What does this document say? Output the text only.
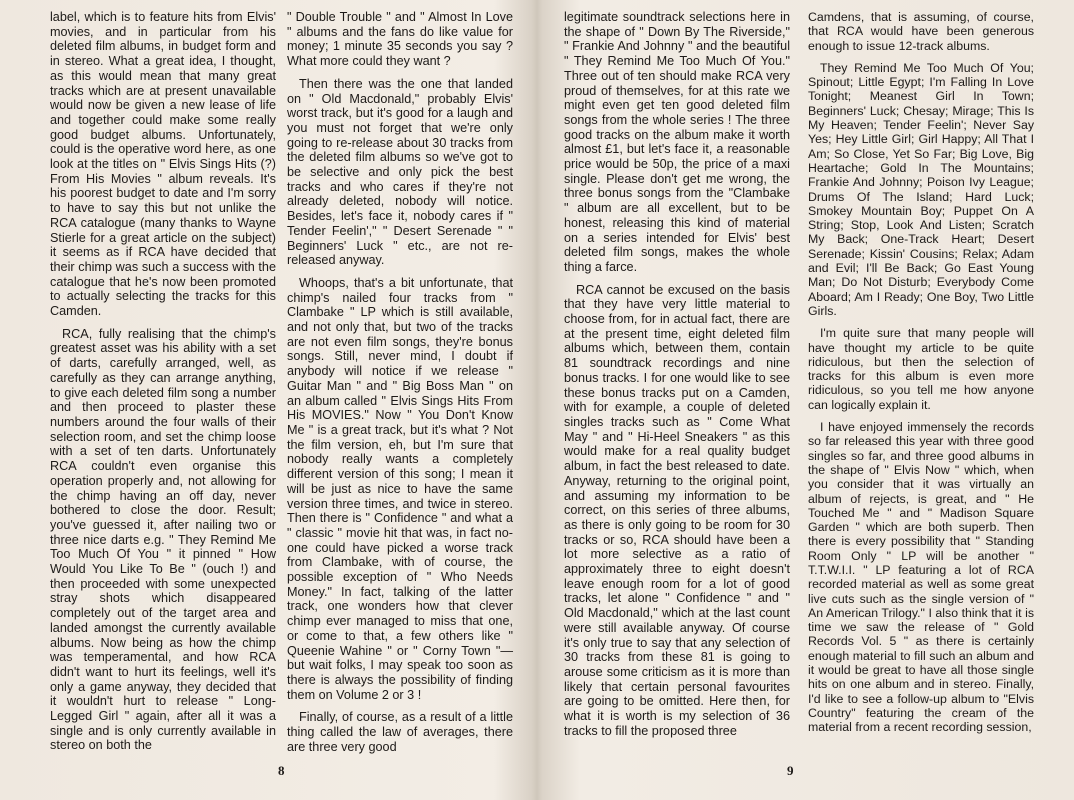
label, which is to feature hits from Elvis' movies, and in particular from his deleted film albums, in budget form and in stereo. What a great idea, I thought, as this would mean that many great tracks which are at present unavailable would now be given a new lease of life and together could make some really good budget albums. Unfortunately, could is the operative word here, as one look at the titles on " Elvis Sings Hits (?) From His Movies " album reveals. It's his poorest budget to date and I'm sorry to have to say this but not unlike the RCA catalogue (many thanks to Wayne Stierle for a great article on the subject) it seems as if RCA have decided that their chimp was such a success with the catalogue that he's now been promoted to actually selecting the tracks for this Camden.

RCA, fully realising that the chimp's greatest asset was his ability with a set of darts, carefully arranged, well, as carefully as they can arrange anything, to give each deleted film song a number and then proceed to plaster these numbers around the four walls of their selection room, and set the chimp loose with a set of ten darts. Unfortunately RCA couldn't even organise this operation properly and, not allowing for the chimp having an off day, never bothered to close the door. Result; you've guessed it, after nailing two or three nice darts e.g. " They Remind Me Too Much Of You " it pinned " How Would You Like To Be " (ouch !) and then proceeded with some unexpected stray shots which disappeared completely out of the target area and landed amongst the currently available albums. Now being as how the chimp was temperamental, and how RCA didn't want to hurt its feelings, well it's only a game anyway, they decided that it wouldn't hurt to release " Long-Legged Girl " again, after all it was a single and is only currently available in stereo on both the

" Double Trouble " and " Almost In Love " albums and the fans do like value for money; 1 minute 35 seconds you say ? What more could they want ?

Then there was the one that landed on " Old Macdonald," probably Elvis' worst track, but it's good for a laugh and you must not forget that we're only going to re-release about 30 tracks from the deleted film albums so we've got to be selective and only pick the best tracks and who cares if they're not already deleted, nobody will notice. Besides, let's face it, nobody cares if " Tender Feelin'," " Desert Serenade " " Beginners' Luck " etc., are not re-released anyway.

Whoops, that's a bit unfortunate, that chimp's nailed four tracks from " Clambake " LP which is still available, and not only that, but two of the tracks are not even film songs, they're bonus songs. Still, never mind, I doubt if anybody will notice if we release " Guitar Man " and " Big Boss Man " on an album called " Elvis Sings Hits From His MOVIES." Now " You Don't Know Me " is a great track, but it's what ? Not the film version, eh, but I'm sure that nobody really wants a completely different version of this song; I mean it will be just as nice to have the same version three times, and twice in stereo. Then there is " Confidence " and what a " classic " movie hit that was, in fact no-one could have picked a worse track from Clambake, with of course, the possible exception of " Who Needs Money." In fact, talking of the latter track, one wonders how that clever chimp ever managed to miss that one, or come to that, a few others like " Queenie Wahine " or " Corny Town "—but wait folks, I may speak too soon as there is always the possibility of finding them on Volume 2 or 3 !

Finally, of course, as a result of a little thing called the law of averages, there are three very good

8

legitimate soundtrack selections here in the shape of " Down By The Riverside," " Frankie And Johnny " and the beautiful " They Remind Me Too Much Of You." Three out of ten should make RCA very proud of themselves, for at this rate we might even get ten good deleted film songs from the whole series ! The three good tracks on the album make it worth almost £1, but let's face it, a reasonable price would be 50p, the price of a maxi single. Please don't get me wrong, the three bonus songs from the "Clambake " album are all excellent, but to be honest, releasing this kind of material on a series intended for Elvis' best deleted film songs, makes the whole thing a farce.

RCA cannot be excused on the basis that they have very little material to choose from, for in actual fact, there are at the present time, eight deleted film albums which, between them, contain 81 soundtrack recordings and nine bonus tracks. I for one would like to see these bonus tracks put on a Camden, with for example, a couple of deleted singles tracks such as " Come What May " and " Hi-Heel Sneakers " as this would make for a real quality budget album, in fact the best released to date. Anyway, returning to the original point, and assuming my information to be correct, on this series of three albums, as there is only going to be room for 30 tracks or so, RCA should have been a lot more selective as a ratio of approximately three to eight doesn't leave enough room for a lot of good tracks, let alone " Confidence " and " Old Macdonald," which at the last count were still available anyway. Of course it's only true to say that any selection of 30 tracks from these 81 is going to arouse some criticism as it is more than likely that certain personal favourites are going to be omitted. Here then, for what it is worth is my selection of 36 tracks to fill the proposed three

Camdens, that is assuming, of course, that RCA would have been generous enough to issue 12-track albums.

They Remind Me Too Much Of You; Spinout; Little Egypt; I'm Falling In Love Tonight; Meanest Girl In Town; Beginners' Luck; Chesay; Mirage; This Is My Heaven; Tender Feelin'; Never Say Yes; Hey Little Girl; Girl Happy; All That I Am; So Close, Yet So Far; Big Love, Big Heartache; Gold In The Mountains; Frankie And Johnny; Poison Ivy League; Drums Of The Island; Hard Luck; Smokey Mountain Boy; Puppet On A String; Stop, Look And Listen; Scratch My Back; One-Track Heart; Desert Serenade; Kissin' Cousins; Relax; Adam and Evil; I'll Be Back; Go East Young Man; Do Not Disturb; Everybody Come Aboard; Am I Ready; One Boy, Two Little Girls.

I'm quite sure that many people will have thought my article to be quite ridiculous, but then the selection of tracks for this album is even more ridiculous, so you tell me how anyone can logically explain it.

I have enjoyed immensely the records so far released this year with three good singles so far, and three good albums in the shape of " Elvis Now " which, when you consider that it was virtually an album of rejects, is great, and " He Touched Me " and " Madison Square Garden " which are both superb. Then there is every possibility that " Standing Room Only " LP will be another " T.T.W.I.I. " LP featuring a lot of RCA recorded material as well as some great live cuts such as the single version of " An American Trilogy." I also think that it is time we saw the release of " Gold Records Vol. 5 " as there is certainly enough material to fill such an album and it would be great to have all those single hits on one album and in stereo. Finally, I'd like to see a follow-up album to "Elvis Country" featuring the cream of the material from a recent recording session,

9
